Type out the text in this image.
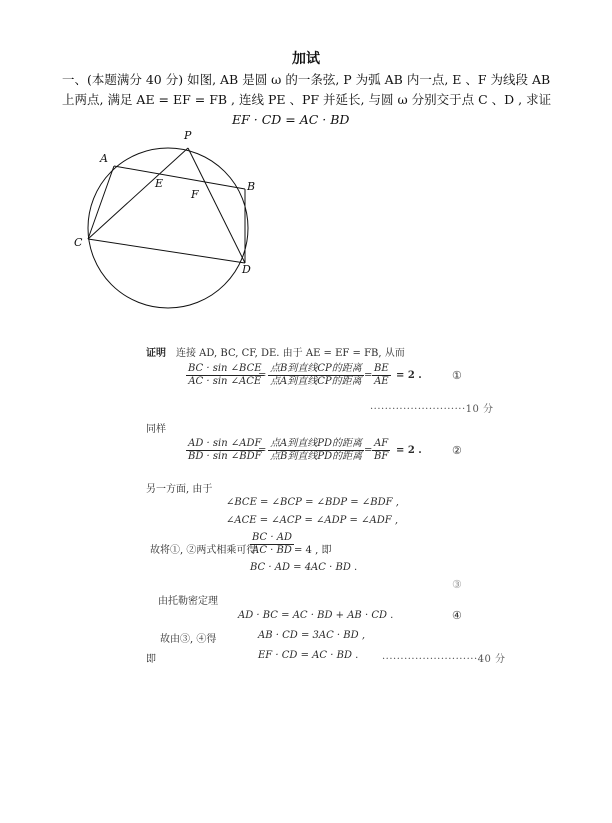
加试
一、(本题满分 40 分) 如图, AB 是圆 ω 的一条弦, P 为弧 AB 内一点, E 、F 为线段 AB
上两点, 满足 AE = EF = FB , 连线 PE 、PF 并延长, 与圆 ω 分别交于点 C 、D , 求证
EF · CD = AC · BD
P
A
E
F
B
C
D
证明 连接 AD, BC, CF, DE. 由于 AE = EF = FB, 从而
BC · sin ∠BCE
AC · sin ∠ACE
=
点B到直线CP的距离
点A到直线CP的距离
= $\frac{BE}{AE} = 2$ .	①
··························10 分
同样
AD · sin ∠ADF
BD · sin ∠BDF
=
点A到直线PD的距离
点B到直线PD的距离
= $\frac{AF}{BF} = 2$ .	②
另一方面, 由于
∠BCE = ∠BCP = ∠BDP = ∠BDF ,
∠ACE = ∠ACP = ∠ADP = ∠ADF ,
故将①, ②两式相乘可得
$\frac{BC \cdot AD}{AC \cdot BD} = 4$ , 即
BC · AD = 4AC · BD .
③
由托勒密定理
AD · BC = AC · BD + AB · CD .	④
故由③, ④得	AB · CD = 3AC · BD ,
即	EF · CD = AC · BD . ··························40 分
